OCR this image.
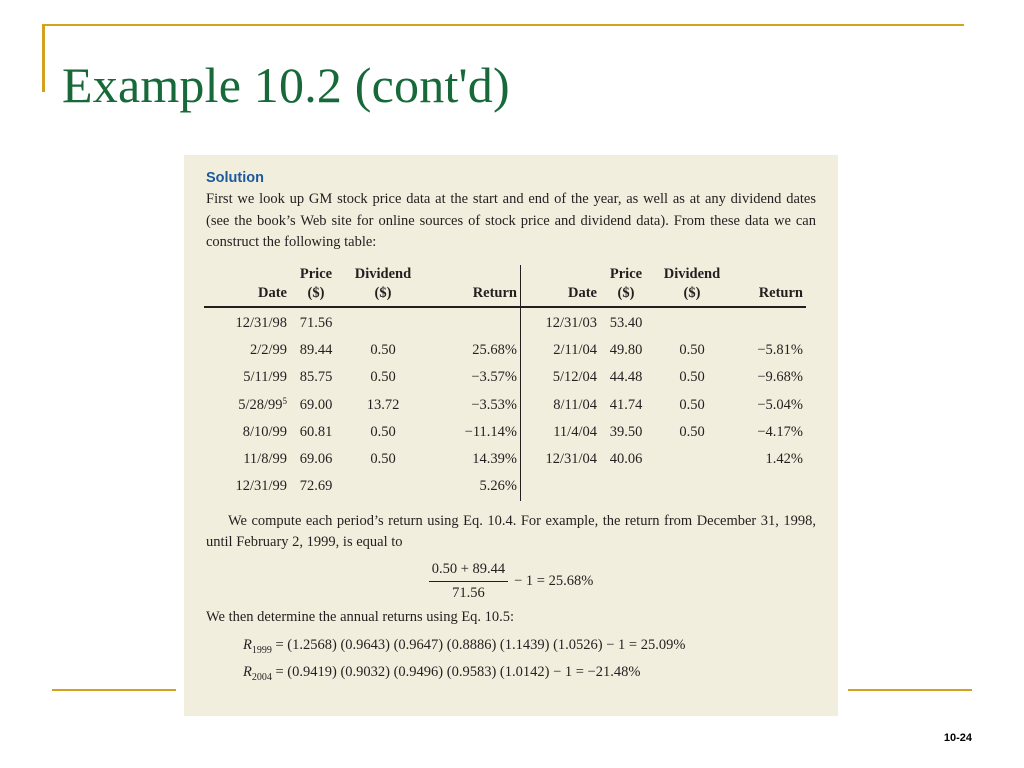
Example 10.2 (cont'd)
Solution

First we look up GM stock price data at the start and end of the year, as well as at any dividend dates (see the book’s Web site for online sources of stock price and dividend data). From these data we can construct the following table:

	Price	Dividend			Price	Dividend	
Date	($)	($)	Return	Date	($)	($)	Return
12/31/98	71.56			12/31/03	53.40		
2/2/99	89.44	0.50	25.68%	2/11/04	49.80	0.50	−5.81%
5/11/99	85.75	0.50	−3.57%	5/12/04	44.48	0.50	−9.68%
$5/28/99^5$	69.00	13.72	−3.53%	8/11/04	41.74	0.50	−5.04%
8/10/99	60.81	0.50	−11.14%	11/4/04	39.50	0.50	−4.17%
11/8/99	69.06	0.50	14.39%	12/31/04	40.06		1.42%
12/31/99	72.69		5.26%				

We compute each period’s return using Eq. 10.4. For example, the return from December 31, 1998, until February 2, 1999, is equal to

$\frac{0.50 + 89.44}{71.56} - 1 = 25.68\%$

We then determine the annual returns using Eq. 10.5:

$R_{1999} = (1.2568)$ (0.9643) (0.9647) (0.8886) (1.1439) (1.0526) − 1 = 25.09%
$R_{2004} = (0.9419)$ (0.9032) (0.9496) (0.9583) (1.0142) − 1 = −21.48%
10-24
